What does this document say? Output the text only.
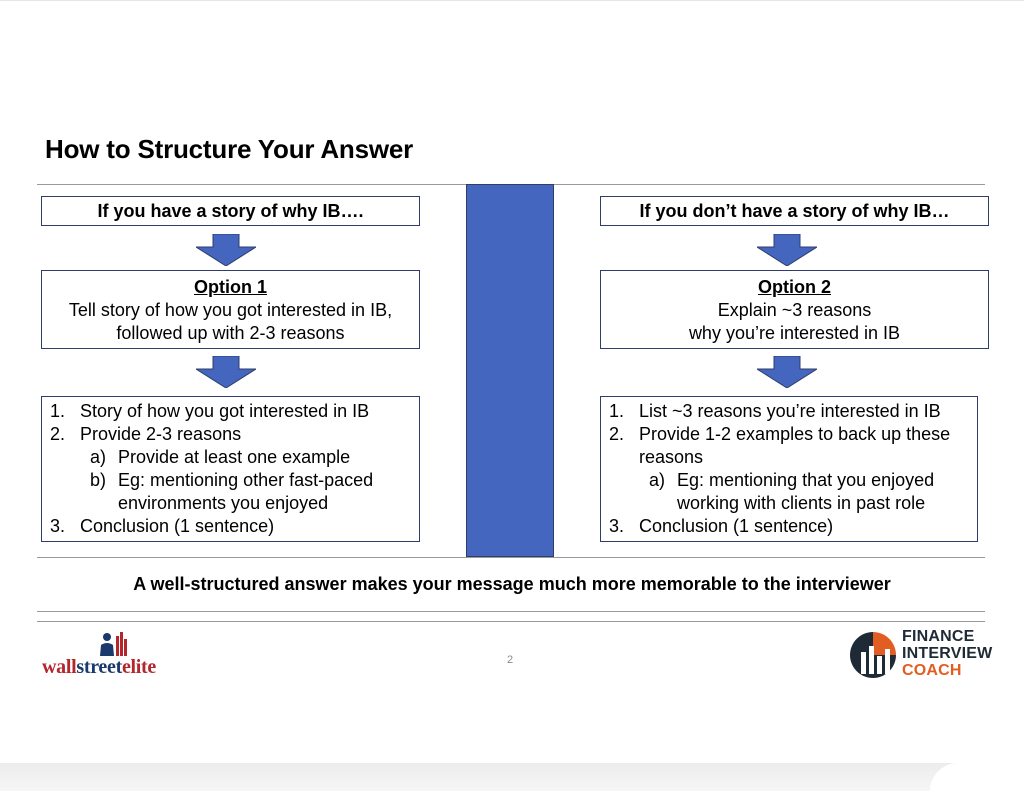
How to Structure Your Answer
If you have a story of why IB….
Option 1
Tell story of how you got interested in IB,
followed up with 2-3 reasons
1. Story of how you got interested in IB
2. Provide 2-3 reasons
a) Provide at least one example
b) Eg: mentioning other fast-paced
environments you enjoyed
3. Conclusion (1 sentence)
If you don’t have a story of why IB…
Option 2
Explain ~3 reasons
why you’re interested in IB
1. List ~3 reasons you’re interested in IB
2. Provide 1-2 examples to back up these
reasons
a) Eg: mentioning that you enjoyed
working with clients in past role
3. Conclusion (1 sentence)
A well-structured answer makes your message much more memorable to the interviewer
wallstreetelite	2
FINANCE
INTERVIEW
COACH
